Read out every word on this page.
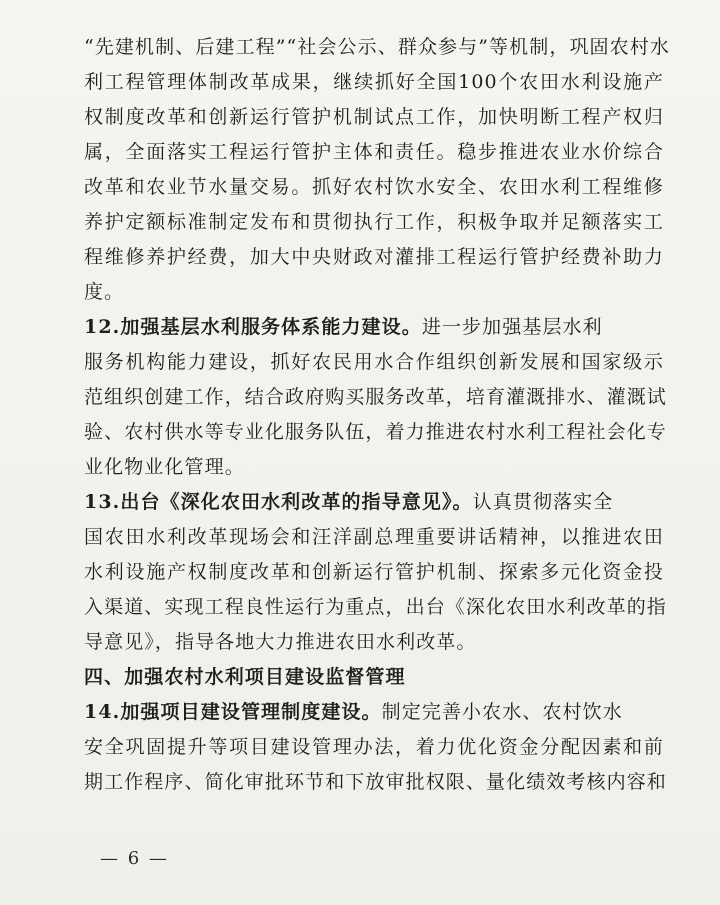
“先建机制、后建工程”“社会公示、群众参与”等机制，巩固农村水

利工程管理体制改革成果，继续抓好全国100个农田水利设施产

权制度改革和创新运行管护机制试点工作，加快明断工程产权归

属，全面落实工程运行管护主体和责任。稳步推进农业水价综合

改革和农业节水量交易。抓好农村饮水安全、农田水利工程维修

养护定额标准制定发布和贯彻执行工作，积极争取并足额落实工

程维修养护经费，加大中央财政对灌排工程运行管护经费补助力

度。

12.加强基层水利服务体系能力建设。进一步加强基层水利

服务机构能力建设，抓好农民用水合作组织创新发展和国家级示

范组织创建工作，结合政府购买服务改革，培育灌溉排水、灌溉试

验、农村供水等专业化服务队伍，着力推进农村水利工程社会化专

业化物业化管理。

13.出台《深化农田水利改革的指导意见》。认真贯彻落实全

国农田水利改革现场会和汪洋副总理重要讲话精神，以推进农田

水利设施产权制度改革和创新运行管护机制、探索多元化资金投

入渠道、实现工程良性运行为重点，出台《深化农田水利改革的指

导意见》，指导各地大力推进农田水利改革。

四、加强农村水利项目建设监督管理

14.加强项目建设管理制度建设。制定完善小农水、农村饮水

安全巩固提升等项目建设管理办法，着力优化资金分配因素和前

期工作程序、简化审批环节和下放审批权限、量化绩效考核内容和

— 6 —
